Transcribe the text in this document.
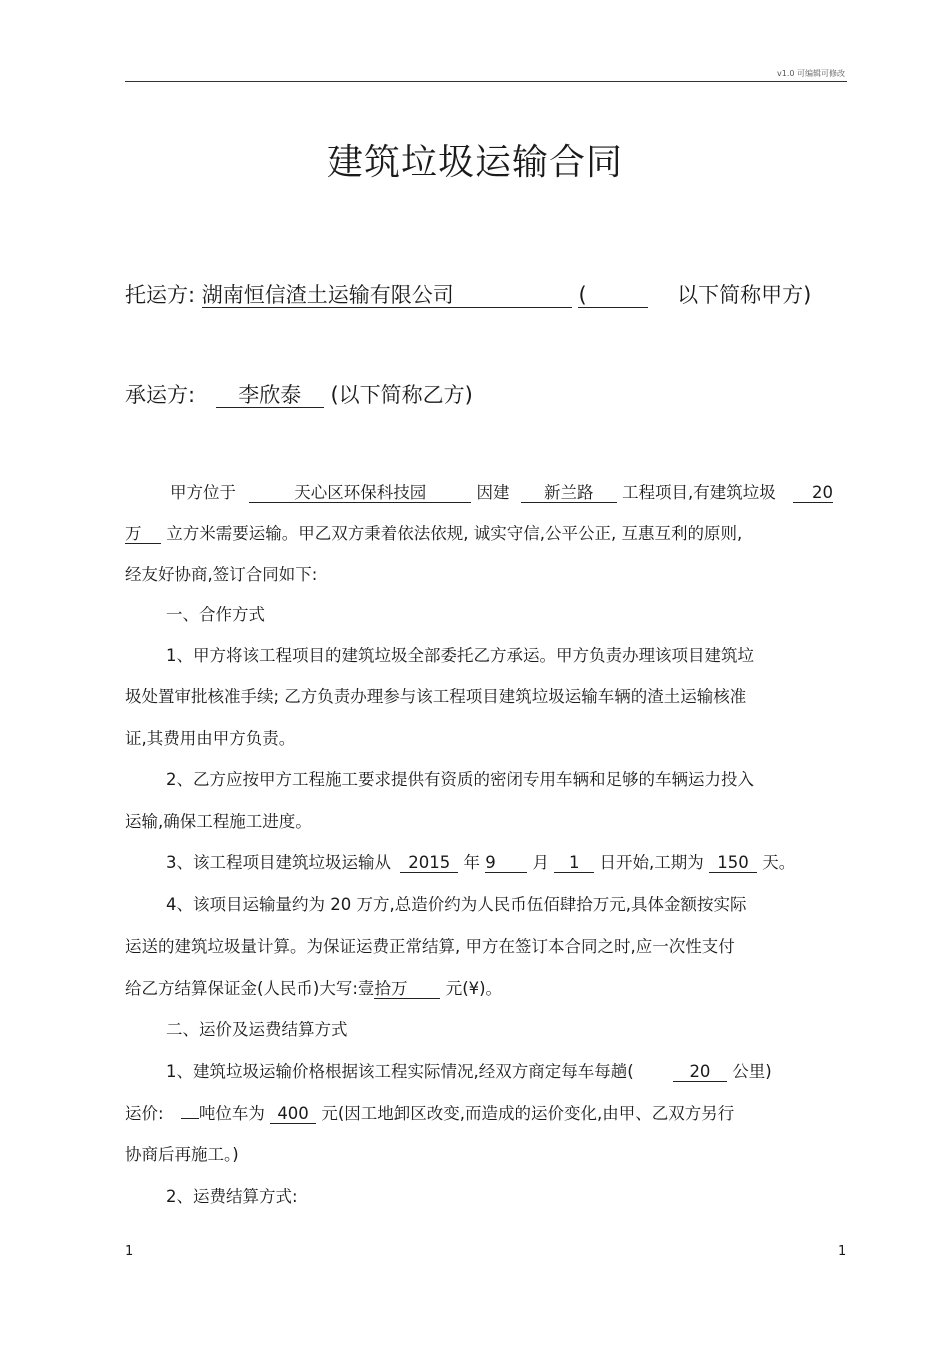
v1.0 可编辑可修改
建筑垃圾运输合同
托运方: 湖南恒信渣土运输有限公司	(	以下简称甲方)
承运方: 李欣泰 (以下简称乙方)
甲方位于	天心区环保科技园	因建 新兰路 工程项目,有建筑垃圾 20
万 立方米需要运输。甲乙双方秉着依法依规, 诚实守信,公平公正, 互惠互利的原则,
经友好协商,签订合同如下:
一、合作方式
1、甲方将该工程项目的建筑垃圾全部委托乙方承运。甲方负责办理该项目建筑垃
圾处置审批核准手续; 乙方负责办理参与该工程项目建筑垃圾运输车辆的渣土运输核准
证,其费用由甲方负责。
2、乙方应按甲方工程施工要求提供有资质的密闭专用车辆和足够的车辆运力投入
运输,确保工程施工进度。
3、该工程项目建筑垃圾运输从 2015 年 9 月 1 日开始,工期为 150 天。
4、该项目运输量约为 20 万方,总造价约为人民币伍佰肆拾万元,具体金额按实际
运送的建筑垃圾量计算。为保证运费正常结算, 甲方在签订本合同之时,应一次性支付
给乙方结算保证金(人民币)大写:壹拾万 元(¥)。
二、运价及运费结算方式
1、建筑垃圾运输价格根据该工程实际情况,经双方商定每车每趟(	20 公里)
运价: 吨位车为 400 元(因工地卸区改变,而造成的运价变化,由甲、乙双方另行
协商后再施工。)
2、运费结算方式:
1	1
